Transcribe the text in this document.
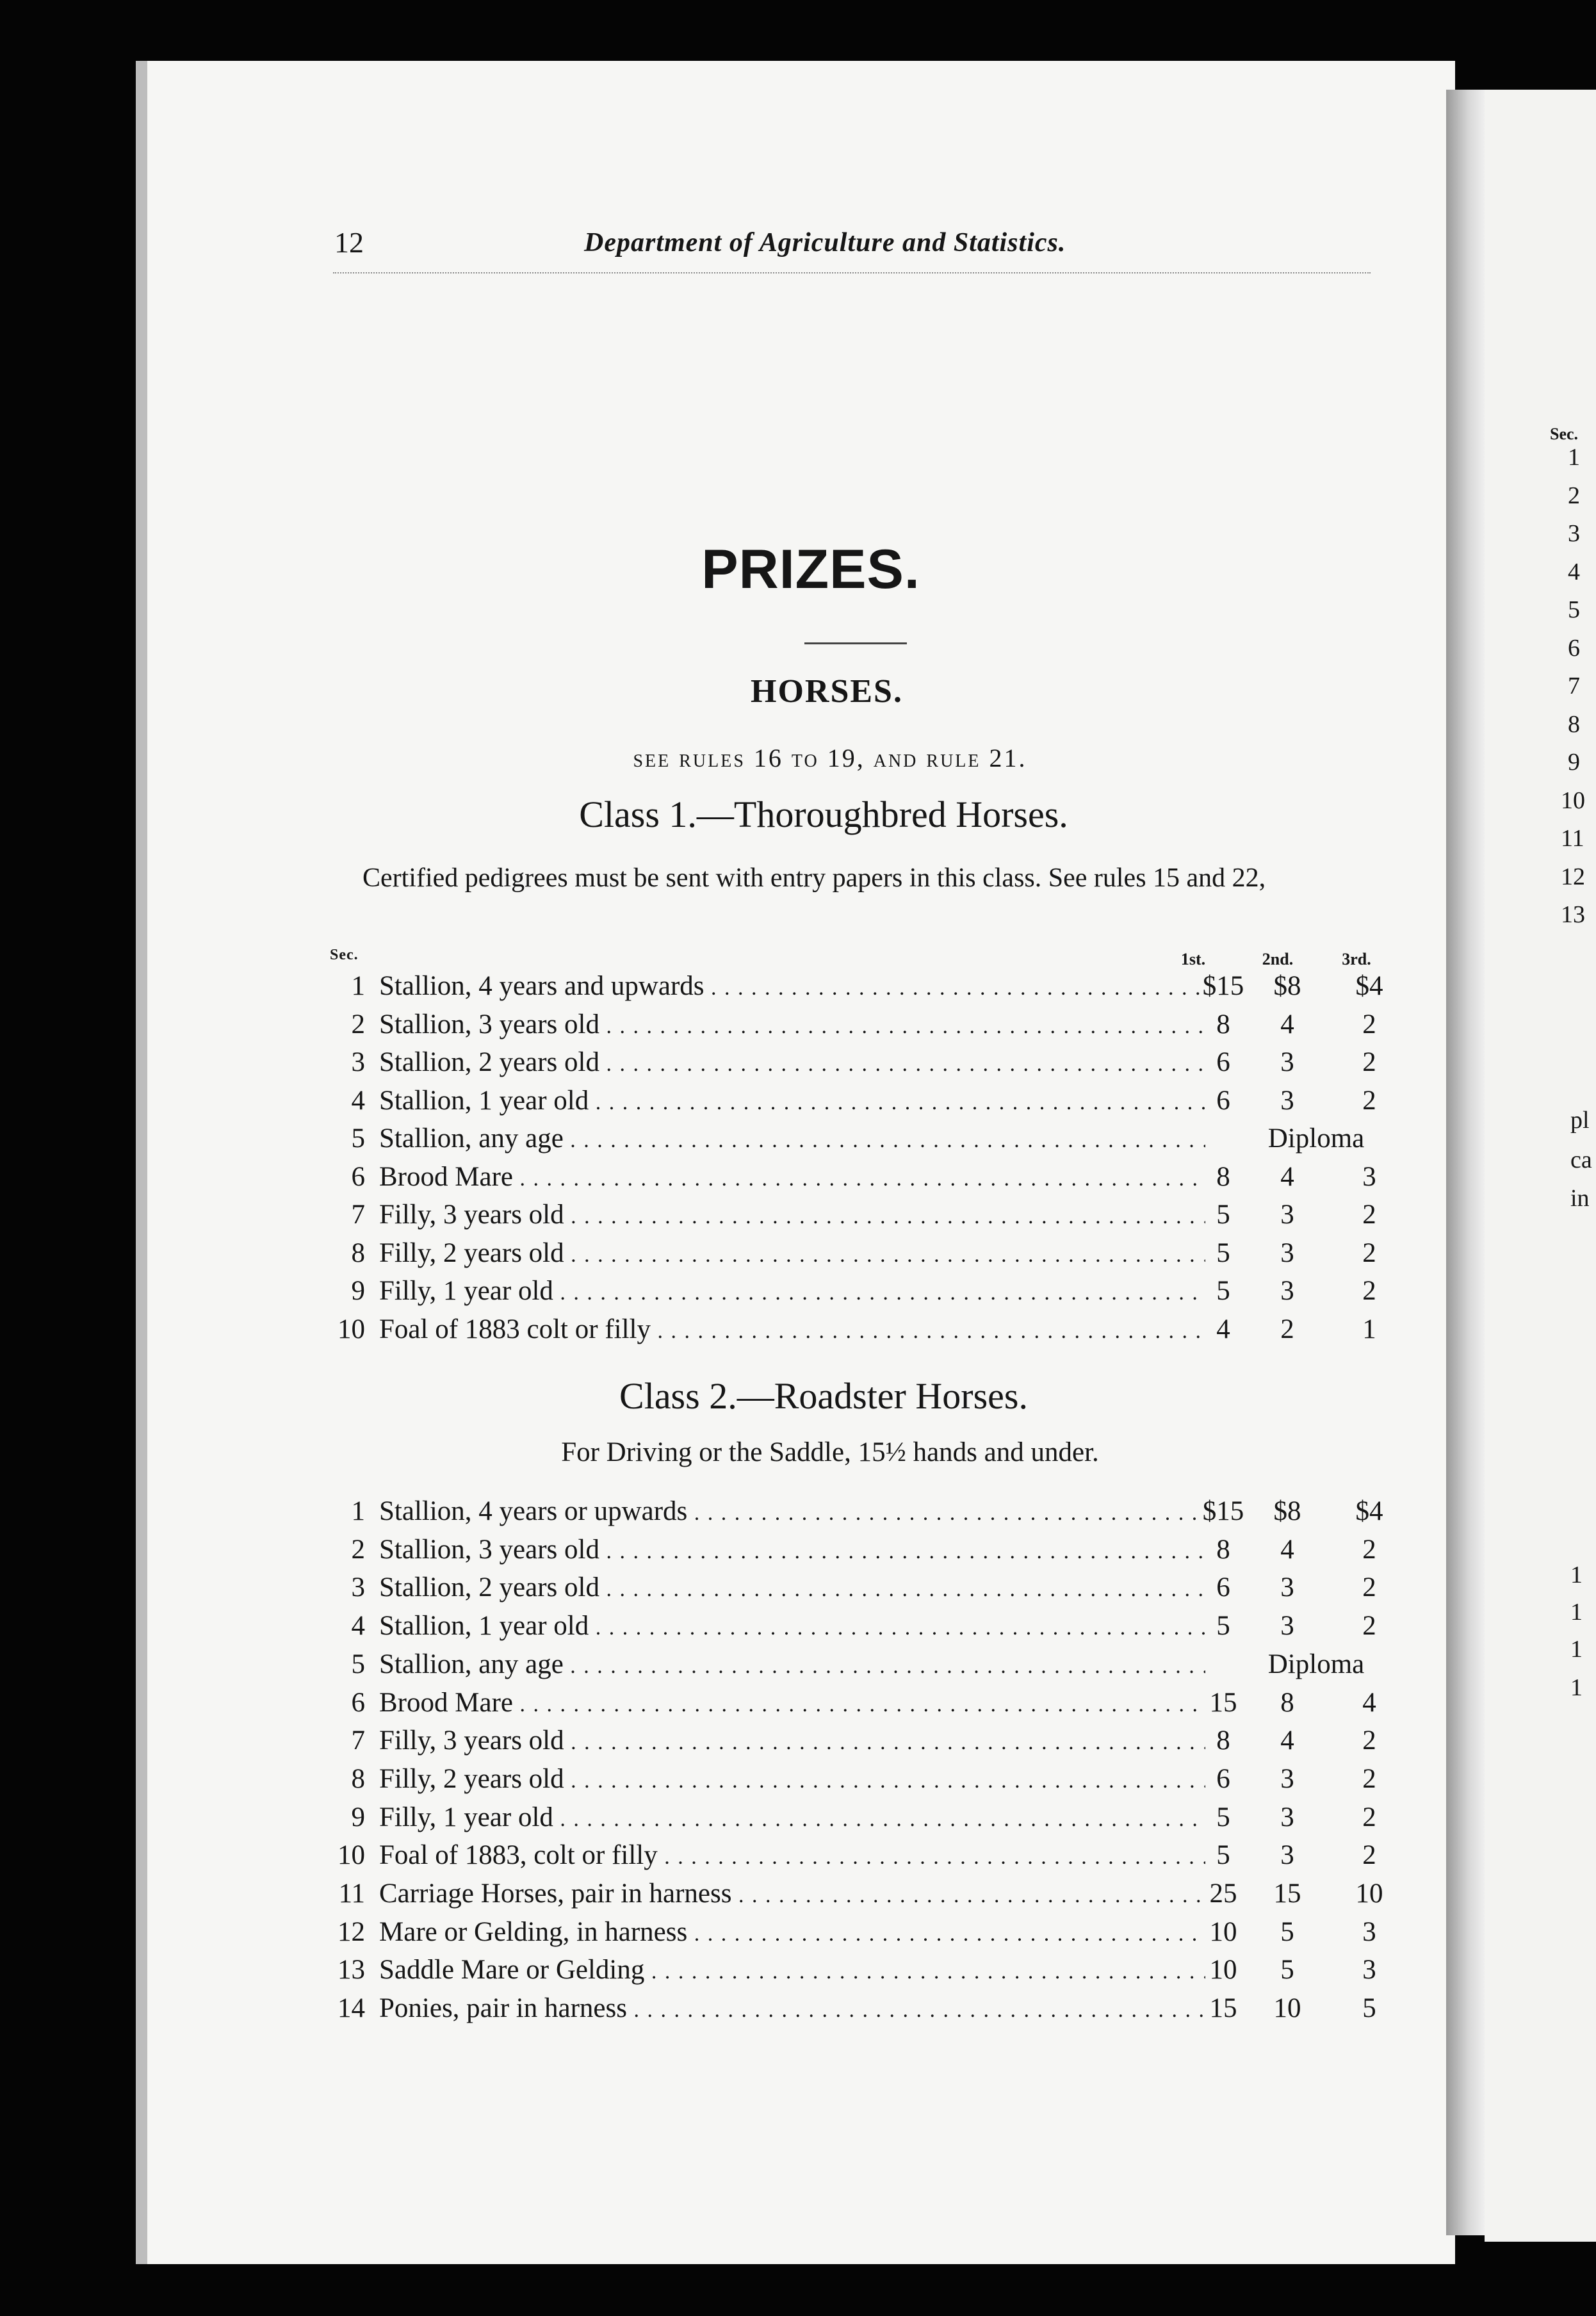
12	Department of Agriculture and Statistics.
PRIZES.
HORSES.
see rules 16 to 19, and rule 21.
Class 1.—Thoroughbred Horses.
Certified pedigrees must be sent with entry papers in this class. See rules 15 and 22,
Sec.	1st.	2nd.	3rd.
1 Stallion, 4 years and upwards . . .	$15	$8	$4
2 Stallion, 3 years old . . .	8	4	2
3 Stallion, 2 years old . . .	6	3	2
4 Stallion, 1 year old . . .	6	3	2
5 Stallion, any age . . .	Diploma
6 Brood Mare . . .	8	4	3
7 Filly, 3 years old . . .	5	3	2
8 Filly, 2 years old . . .	5	3	2
9 Filly, 1 year old . . .	5	3	2
10 Foal of 1883 colt or filly . . .	4	2	1
Class 2.—Roadster Horses.
For Driving or the Saddle, 15½ hands and under.
1 Stallion, 4 years or upwards . . .	$15	$8	$4
2 Stallion, 3 years old . . .	8	4	2
3 Stallion, 2 years old . . .	6	3	2
4 Stallion, 1 year old . . .	5	3	2
5 Stallion, any age . . .	Diploma
6 Brood Mare . . .	15	8	4
7 Filly, 3 years old . . .	8	4	2
8 Filly, 2 years old . . .	6	3	2
9 Filly, 1 year old . . .	5	3	2
10 Foal of 1883, colt or filly . . .	5	3	2
11 Carriage Horses, pair in harness . . .	25	15	10
12 Mare or Gelding, in harness . . .	10	5	3
13 Saddle Mare or Gelding . . .	10	5	3
14 Ponies, pair in harness . . .	15	10	5
Sec.
1
2
3
4
5
6
7
8
9
10
11
12
13
pl
ca
in
1
1
1
1
